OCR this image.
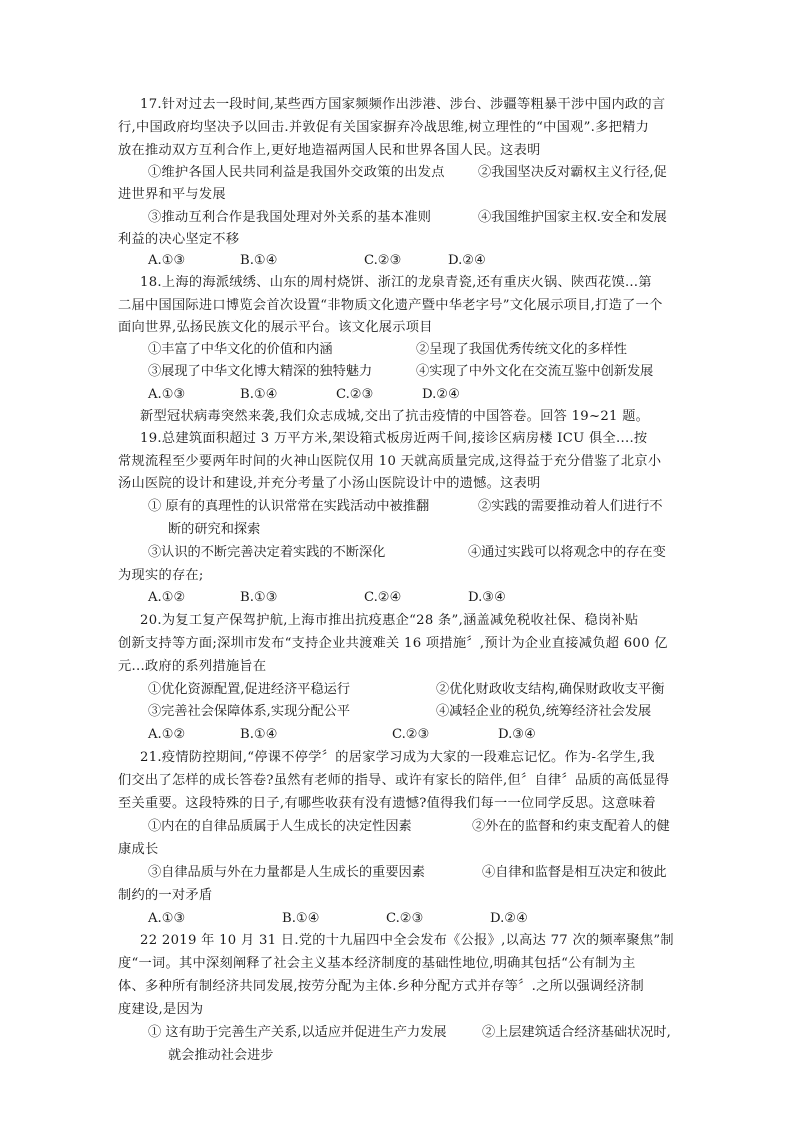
17.针对过去一段时间,某些西方国家频频作出涉港、涉台、涉疆等粗暴干涉中国内政的言
行,中国政府均坚决予以回击.并敦促有关国家摒弃冷战思维,树立理性的“中国观”.多把精力
放在推动双方互利合作上,更好地造福两国人民和世界各国人民。这表明
①维护各国人民共同利益是我国外交政策的出发点	②我国坚决反对霸权主义行径,促
进世界和平与发展
③推动互利合作是我国处理对外关系的基本准则	④我国维护国家主权.安全和发展
利益的决心坚定不移
A.①③	B.①④	C.②③	D.②④
18.上海的海派绒绣、山东的周村烧饼、浙江的龙泉青瓷,还有重庆火锅、陕西花馍…第
二届中国国际进口博览会首次设置“非物质文化遗产暨中华老字号”文化展示项目,打造了一个
面向世界,弘扬民族文化的展示平台。该文化展示项目
①丰富了中华文化的价值和内涵	②呈现了我国优秀传统文化的多样性
③展现了中华文化博大精深的独特魅力	④实现了中外文化在交流互鉴中创新发展
A.①③	B.①④	C.②③	D.②④
新型冠状病毒突然来袭,我们众志成城,交出了抗击疫情的中国答卷。回答 19~21 题。
19.总建筑面积超过 3 万平方米,架设箱式板房近两千间,接诊区病房楼 ICU 俱全....按
常规流程至少要两年时间的火神山医院仅用 10 天就高质量完成,这得益于充分借鉴了北京小
汤山医院的设计和建设,并充分考量了小汤山医院设计中的遗憾。这表明
① 原有的真理性的认识常常在实践活动中被推翻	②实践的需要推动着人们进行不
断的研究和探索
③认识的不断完善决定着实践的不断深化	④通过实践可以将观念中的存在变
为现实的存在;
A.①②	B.①③	C.②④	D.③④
20.为复工复产保驾护航,上海市推出抗疫惠企“28 条”,涵盖减免税收社保、稳岗补贴
创新支持等方面;深圳市发布“支持企业共渡难关 16 项措施〞,预计为企业直接减负超 600 亿
元...政府的系列措施旨在
①优化资源配置,促进经济平稳运行	②优化财政收支结构,确保财政收支平衡
③完善社会保障体系,实现分配公平	④减轻企业的税负,统筹经济社会发展
A.①②	B.①④	C.②③	D.③④
21.疫情防控期间,“停课不停学〞的居家学习成为大家的一段难忘记忆。作为-名学生,我
们交出了怎样的成长答卷?虽然有老师的指导、或许有家长的陪伴,但〞自律〞品质的高低显得
至关重要。这段特殊的日子,有哪些收获有没有遗憾?值得我们每一一位同学反思。这意味着
①内在的自律品质属于人生成长的决定性因素	②外在的监督和约束支配着人的健
康成长
③自律品质与外在力量都是人生成长的重要因素	④自律和监督是相互决定和彼此
制约的一对矛盾
A.①③	B.①④	C.②③	D.②④
22 2019 年 10 月 31 日.党的十九届四中全会发布《公报》,以高达 77 次的频率聚焦”制
度“一词。其中深刻阐释了社会主义基本经济制度的基础性地位,明确其包括“公有制为主
体、多种所有制经济共同发展,按劳分配为主体.乡种分配方式并存等〞.之所以强调经济制
度建设,是因为
① 这有助于完善生产关系,以适应并促进生产力发展	②上层建筑适合经济基础状况时,
就会推动社会进步
